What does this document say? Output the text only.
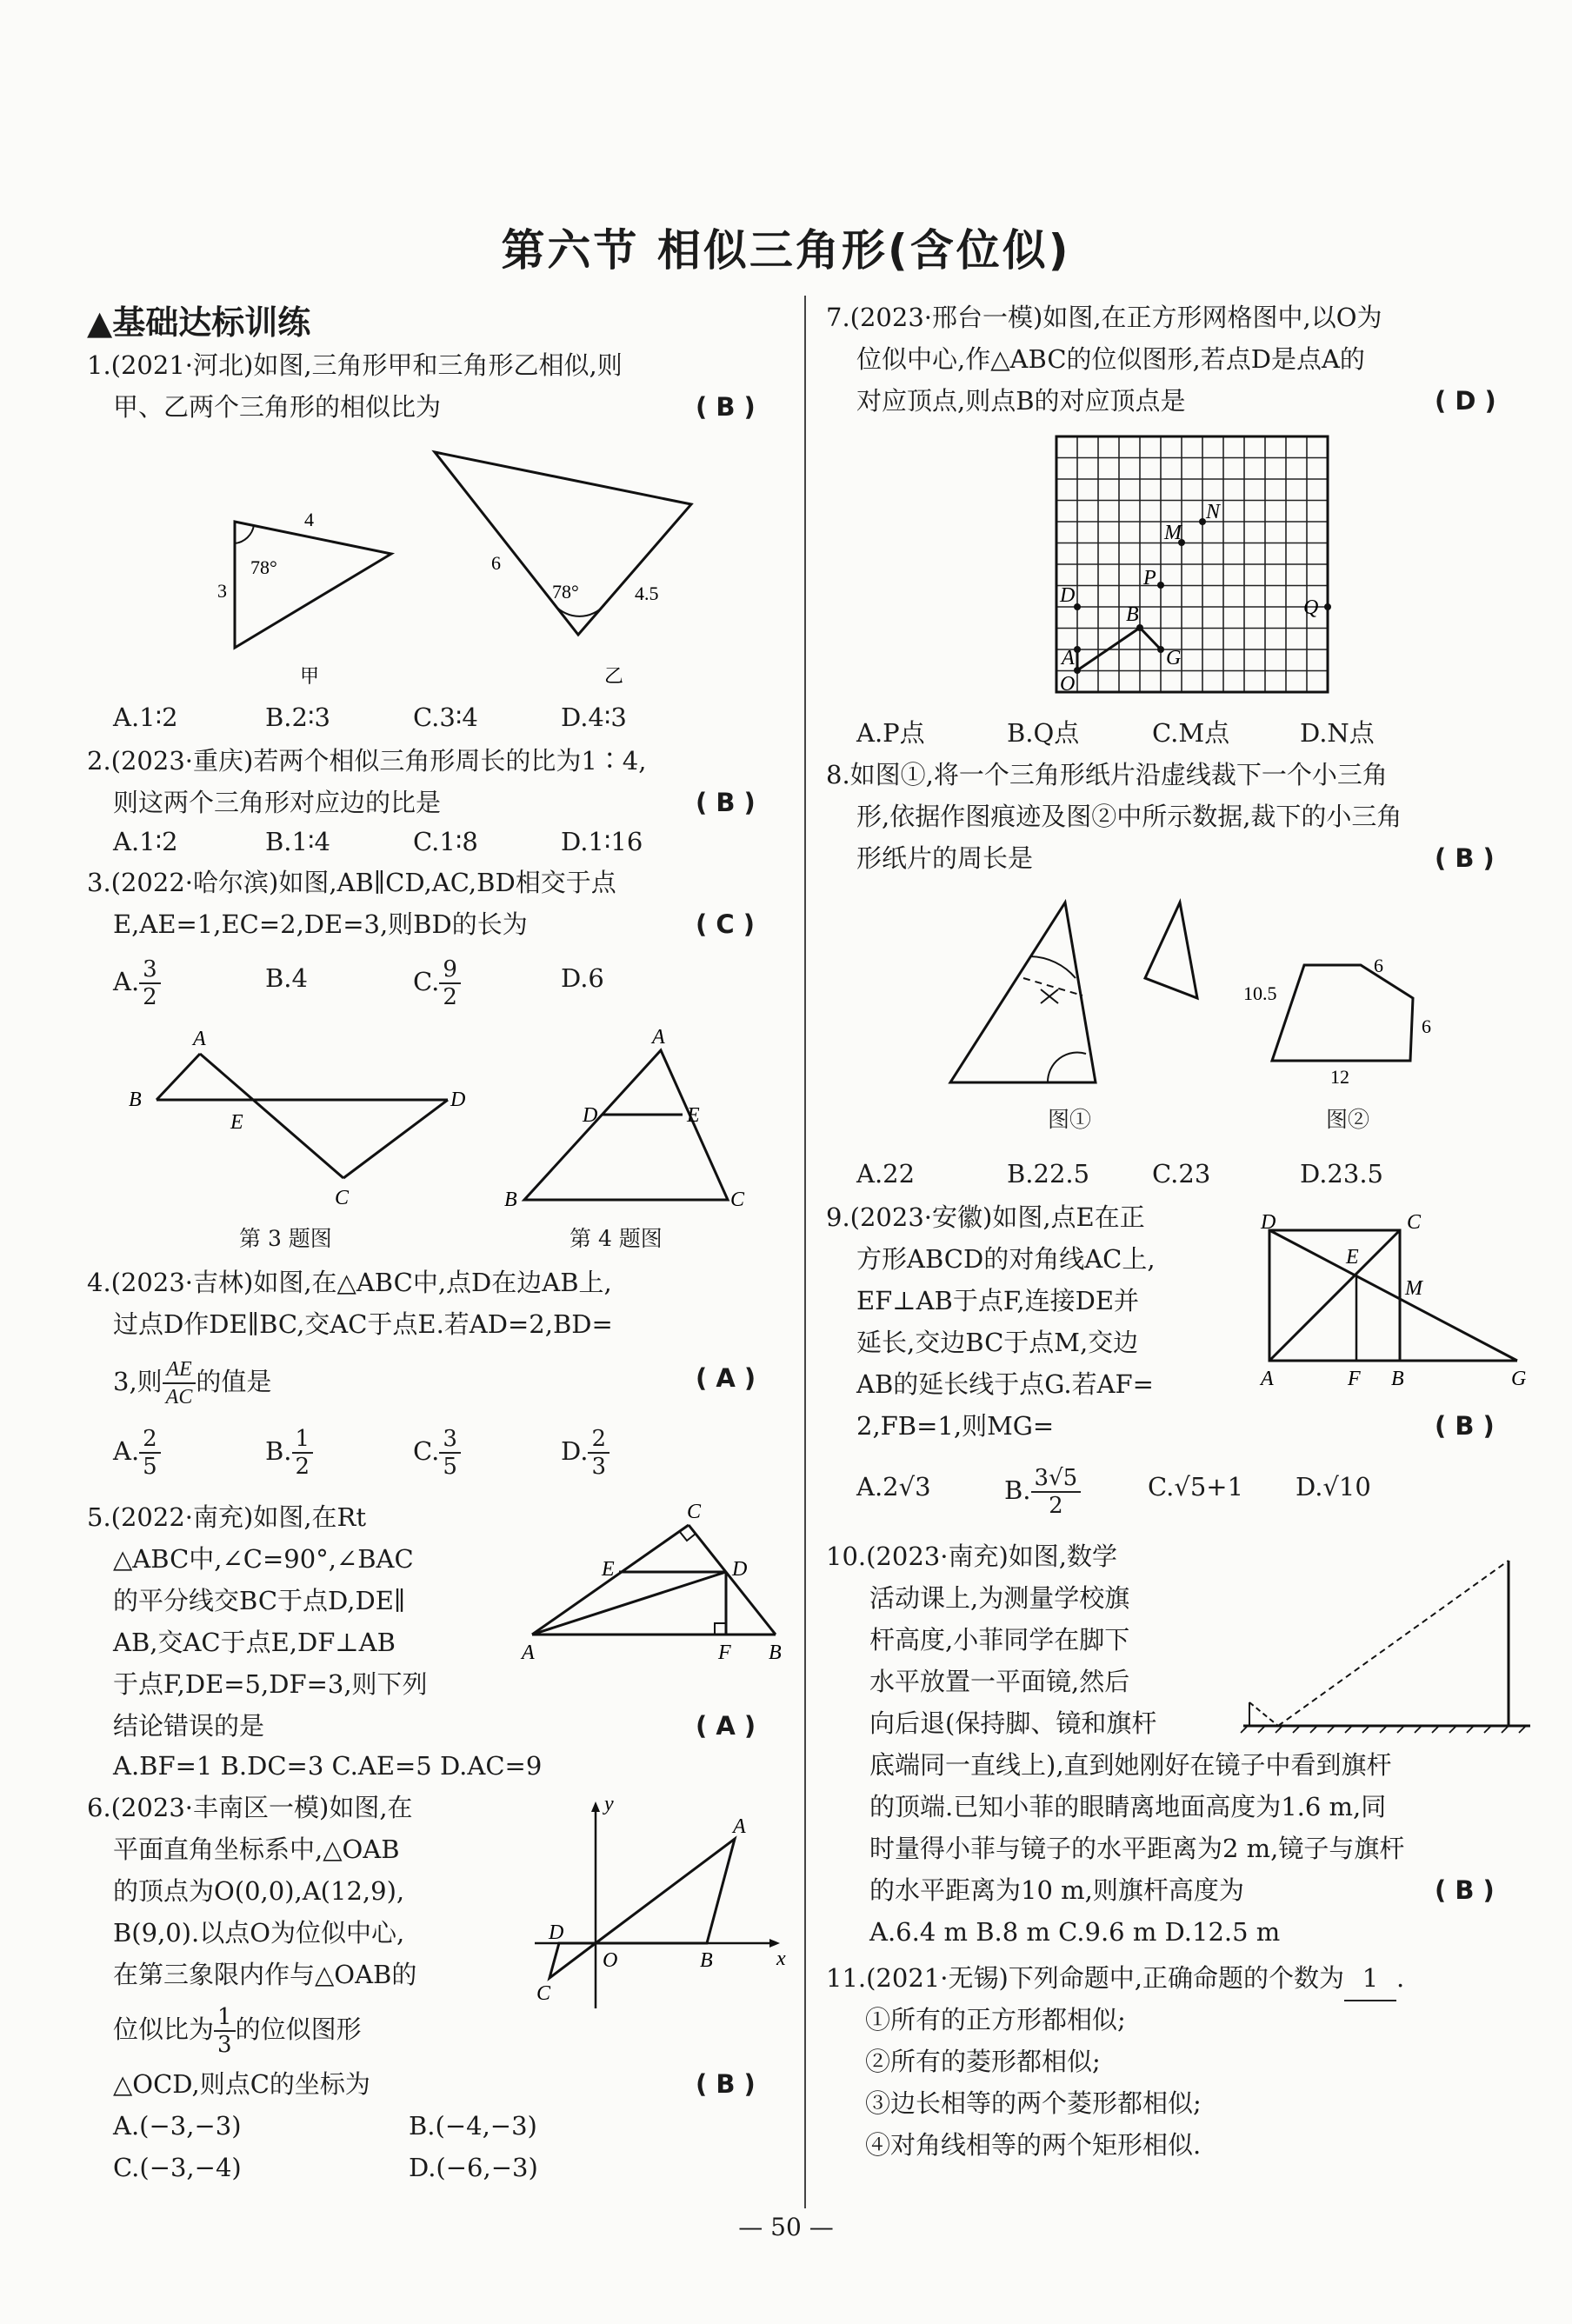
第六节 相似三角形(含位似)
▲基础达标训练
1.(2021·河北)如图,三角形甲和三角形乙相似,则
甲、乙两个三角形的相似比为	( B )
4
3
78°
甲
6
4.5
78°
乙
A.1∶2	B.2∶3	C.3∶4	D.4∶3
2.(2023·重庆)若两个相似三角形周长的比为1∶4,
则这两个三角形对应边的比是	( B )
A.1∶2	B.1∶4	C.1∶8	D.1∶16
3.(2022·哈尔滨)如图,AB∥CD,AC,BD相交于点
E,AE=1,EC=2,DE=3,则BD的长为	( C )
A. $\frac{3}{2}$	B.4	C. $\frac{9}{2}$	D.6
A
B
C
D
E
第 3 题图
A
B	C
D	E
第 4 题图
4.(2023·吉林)如图,在△ABC中,点D在边AB上,
过点D作DE∥BC,交AC于点E.若AD=2,BD=
3,则 $\frac{AE}{AC}$ 的值是	( A )
A. $\frac{2}{5}$	B. $\frac{1}{2}$	C. $\frac{3}{5}$	D. $\frac{2}{3}$
5.(2022·南充)如图,在Rt
△ABC中,∠C=90°,∠BAC
的平分线交BC于点D,DE∥
AB,交AC于点E,DF⊥AB
于点F,DE=5,DF=3,则下列
结论错误的是	( A )
A.BF=1 B.DC=3 C.AE=5 D.AC=9
A	B
C
D
E
F
6.(2023·丰南区一模)如图,在
平面直角坐标系中,△OAB
的顶点为O(0,0),A(12,9),
B(9,0).以点O为位似中心,
在第三象限内作与△OAB的
位似比为 $\frac{1}{3}$ 的位似图形
△OCD,则点C的坐标为	( B )
A.(−3,−3)	B.(−4,−3)
C.(−3,−4)	D.(−6,−3)
x
y
O
A
B
C
D
7.(2023·邢台一模)如图,在正方形网格图中,以O为
位似中心,作△ABC的位似图形,若点D是点A的
对应顶点,则点B的对应顶点是	( D )
A
B
D
G
M
N
O
P
Q
A.P点	B.Q点	C.M点	D.N点
8.如图①,将一个三角形纸片沿虚线裁下一个小三角
形,依据作图痕迹及图②中所示数据,裁下的小三角
形纸片的周长是	( B )
图①
10.5
6
6
12
图②
A.22	B.22.5 C.23	D.23.5
9.(2023·安徽)如图,点E在正
方形ABCD的对角线AC上,
EF⊥AB于点F,连接DE并
延长,交边BC于点M,交边
AB的延长线于点G.若AF=
2,FB=1,则MG=	( B )
A.2√3	B. $\frac{3√5}{2}$	C.√5+1 D.√10
D	C
A	B
F	G
E
M
10.(2023·南充)如图,数学
活动课上,为测量学校旗
杆高度,小菲同学在脚下
水平放置一平面镜,然后
向后退(保持脚、镜和旗杆
底端同一直线上),直到她刚好在镜子中看到旗杆
的顶端.已知小菲的眼睛离地面高度为1.6 m,同
时量得小菲与镜子的水平距离为2 m,镜子与旗杆
的水平距离为10 m,则旗杆高度为	( B )
A.6.4 m B.8 m C.9.6 m D.12.5 m
11.(2021·无锡)下列命题中,正确命题的个数为 1 .
①所有的正方形都相似;
②所有的菱形都相似;
③边长相等的两个菱形都相似;
④对角线相等的两个矩形相似.
— 50 —
